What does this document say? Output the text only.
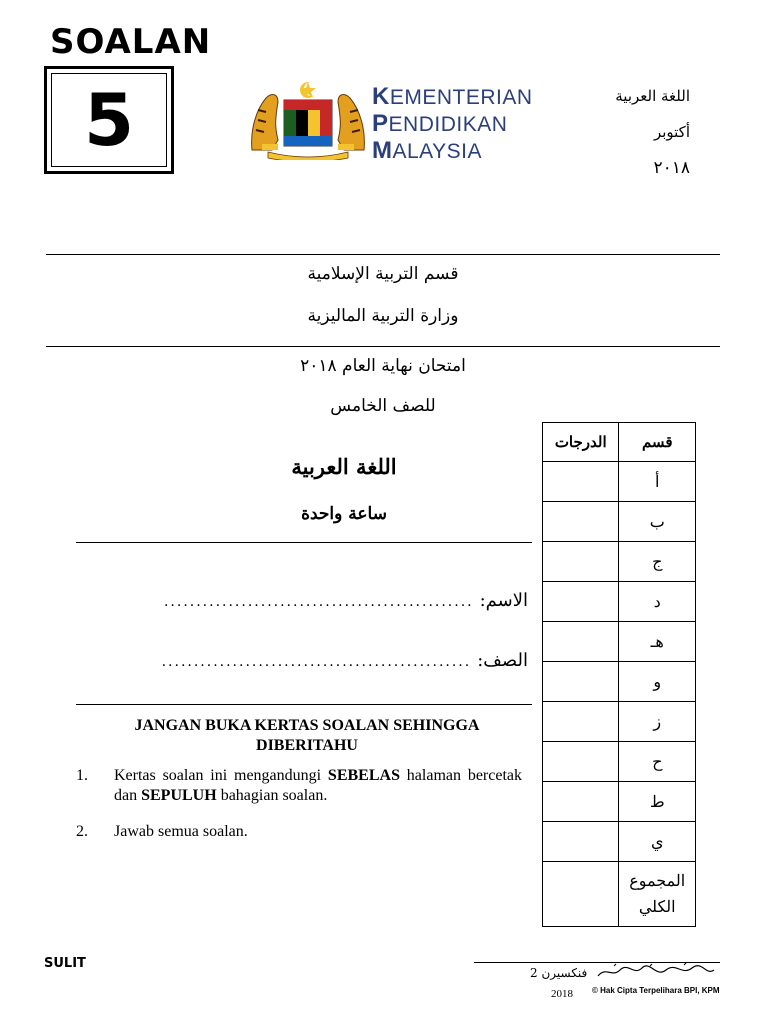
SOALAN
5	KEMENTERIAN
PENDIDIKAN
MALAYSIA
اللغة العربية
أكتوبر
٢٠١٨
قسم التربية الإسلامية
وزارة التربية الماليزية
امتحان نهاية العام ٢٠١٨
للصف الخامس
اللغة العربية
ساعة واحدة
الاسم:
................................................
الصف:
................................................
الدرجات	قسم
	أ
	ب
	ج
	د
	هـ
	و
	ز
	ح
	ط
	ي

	المجموع
الكلي
JANGAN BUKA KERTAS SOALAN SEHINGGA DIBERITAHU
1.	Kertas soalan ini mengandungi SEBELAS halaman bercetak dan SEPULUH bahagian soalan.
2.	Jawab semua soalan.
SULIT
فنكسيرن 2
2018 © Hak Cipta Terpelihara BPI, KPM
